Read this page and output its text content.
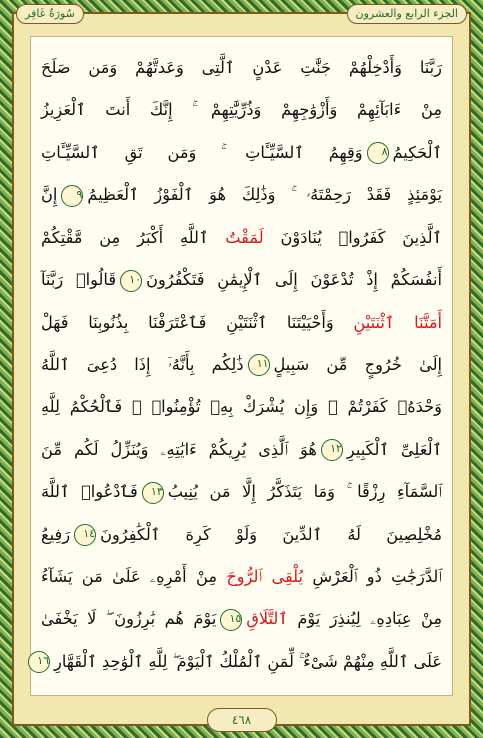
سُورَةُ غَافِر	الجزء الرابع والعشرون
رَبَّنَا وَأَدْخِلْهُمْ جَنَّٰتِ عَدْنٍ ٱلَّتِى وَعَدتَّهُمْ وَمَن صَلَحَ
مِنْ ءَابَآئِهِمْ وَأَزْوَٰجِهِمْ وَذُرِّيَّٰتِهِمْ ۚ إِنَّكَ أَنتَ ٱلْعَزِيزُ
ٱلْحَكِيمُ٨وَقِهِمُ ٱلسَّيِّـَٔاتِ ۚ وَمَن تَقِ ٱلسَّيِّـَٔاتِ
يَوْمَئِذٍ فَقَدْ رَحِمْتَهُۥ ۚ وَذَٰلِكَ هُوَ ٱلْفَوْزُ ٱلْعَظِيمُ٩إِنَّ
ٱلَّذِينَ كَفَرُوا۟ يُنَادَوْنَ لَمَقْتُ ٱللَّهِ أَكْبَرُ مِن مَّقْتِكُمْ
أَنفُسَكُمْ إِذْ تُدْعَوْنَ إِلَى ٱلْإِيمَٰنِ فَتَكْفُرُونَ١٠قَالُوا۟ رَبَّنَآ
أَمَتَّنَا ٱثْنَتَيْنِ وَأَحْيَيْتَنَا ٱثْنَتَيْنِ فَٱعْتَرَفْنَا بِذُنُوبِنَا فَهَلْ
إِلَىٰ خُرُوجٍ مِّن سَبِيلٍ١١ذَٰلِكُم بِأَنَّهُۥٓ إِذَا دُعِىَ ٱللَّهُ
وَحْدَهُۥ كَفَرْتُمْ ۖ وَإِن يُشْرَكْ بِهِۦ تُؤْمِنُوا۟ ۚ فَٱلْحُكْمُ لِلَّهِ
ٱلْعَلِىِّ ٱلْكَبِيرِ١٢هُوَ ٱلَّذِى يُرِيكُمْ ءَايَٰتِهِۦ وَيُنَزِّلُ لَكُم مِّنَ
ٱلسَّمَآءِ رِزْقًا ۚ وَمَا يَتَذَكَّرُ إِلَّا مَن يُنِيبُ١٣فَٱدْعُوا۟ ٱللَّهَ
مُخْلِصِينَ لَهُ ٱلدِّينَ وَلَوْ كَرِهَ ٱلْكَٰفِرُونَ١٤رَفِيعُ
ٱلدَّرَجَٰتِ ذُو ٱلْعَرْشِ يُلْقِى ٱلرُّوحَ مِنْ أَمْرِهِۦ عَلَىٰ مَن يَشَآءُ
مِنْ عِبَادِهِۦ لِيُنذِرَ يَوْمَ ٱلتَّلَاقِ١٥يَوْمَ هُم بَٰرِزُونَ ۖ لَا يَخْفَىٰ
عَلَى ٱللَّهِ مِنْهُمْ شَىْءٌ ۚ لِّمَنِ ٱلْمُلْكُ ٱلْيَوْمَ ۖ لِلَّهِ ٱلْوَٰحِدِ ٱلْقَهَّارِ١٦
٤٦٨
